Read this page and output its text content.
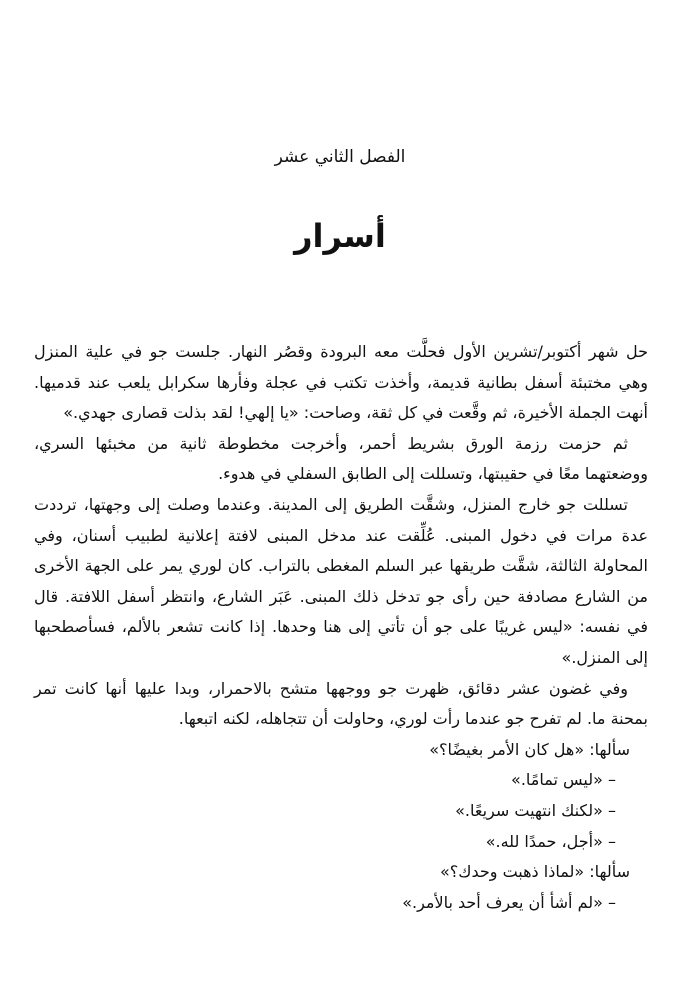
الفصل الثاني عشر
أسرار

حل شهر أكتوبر/تشرين الأول فحلَّت معه البرودة وقصُر النهار. جلست جو في علية المنزل وهي مختبئة أسفل بطانية قديمة، وأخذت تكتب في عجلة وفأرها سكرابل يلعب عند قدميها. أنهت الجملة الأخيرة، ثم وقَّعت في كل ثقة، وصاحت: «يا إلهي! لقد بذلت قصارى جهدي.»

ثم حزمت رزمة الورق بشريط أحمر، وأخرجت مخطوطة ثانية من مخبئها السري، ووضعتهما معًا في حقيبتها، وتسللت إلى الطابق السفلي في هدوء.

تسللت جو خارج المنزل، وشقَّت الطريق إلى المدينة. وعندما وصلت إلى وجهتها، ترددت عدة مرات في دخول المبنى. عُلِّقت عند مدخل المبنى لافتة إعلانية لطبيب أسنان، وفي المحاولة الثالثة، شقَّت طريقها عبر السلم المغطى بالتراب. كان لوري يمر على الجهة الأخرى من الشارع مصادفة حين رأى جو تدخل ذلك المبنى. عَبَر الشارع، وانتظر أسفل اللافتة. قال في نفسه: «ليس غريبًا على جو أن تأتي إلى هنا وحدها. إذا كانت تشعر بالألم، فسأصطحبها إلى المنزل.»

وفي غضون عشر دقائق، ظهرت جو ووجهها متشح بالاحمرار، وبدا عليها أنها كانت تمر بمحنة ما. لم تفرح جو عندما رأت لوري، وحاولت أن تتجاهله، لكنه اتبعها.

سألها: «هل كان الأمر بغيضًا؟»

– «ليس تمامًا.»

– «لكنك انتهيت سريعًا.»

– «أجل، حمدًا لله.»

سألها: «لماذا ذهبت وحدك؟»

– «لم أشأ أن يعرف أحد بالأمر.»
